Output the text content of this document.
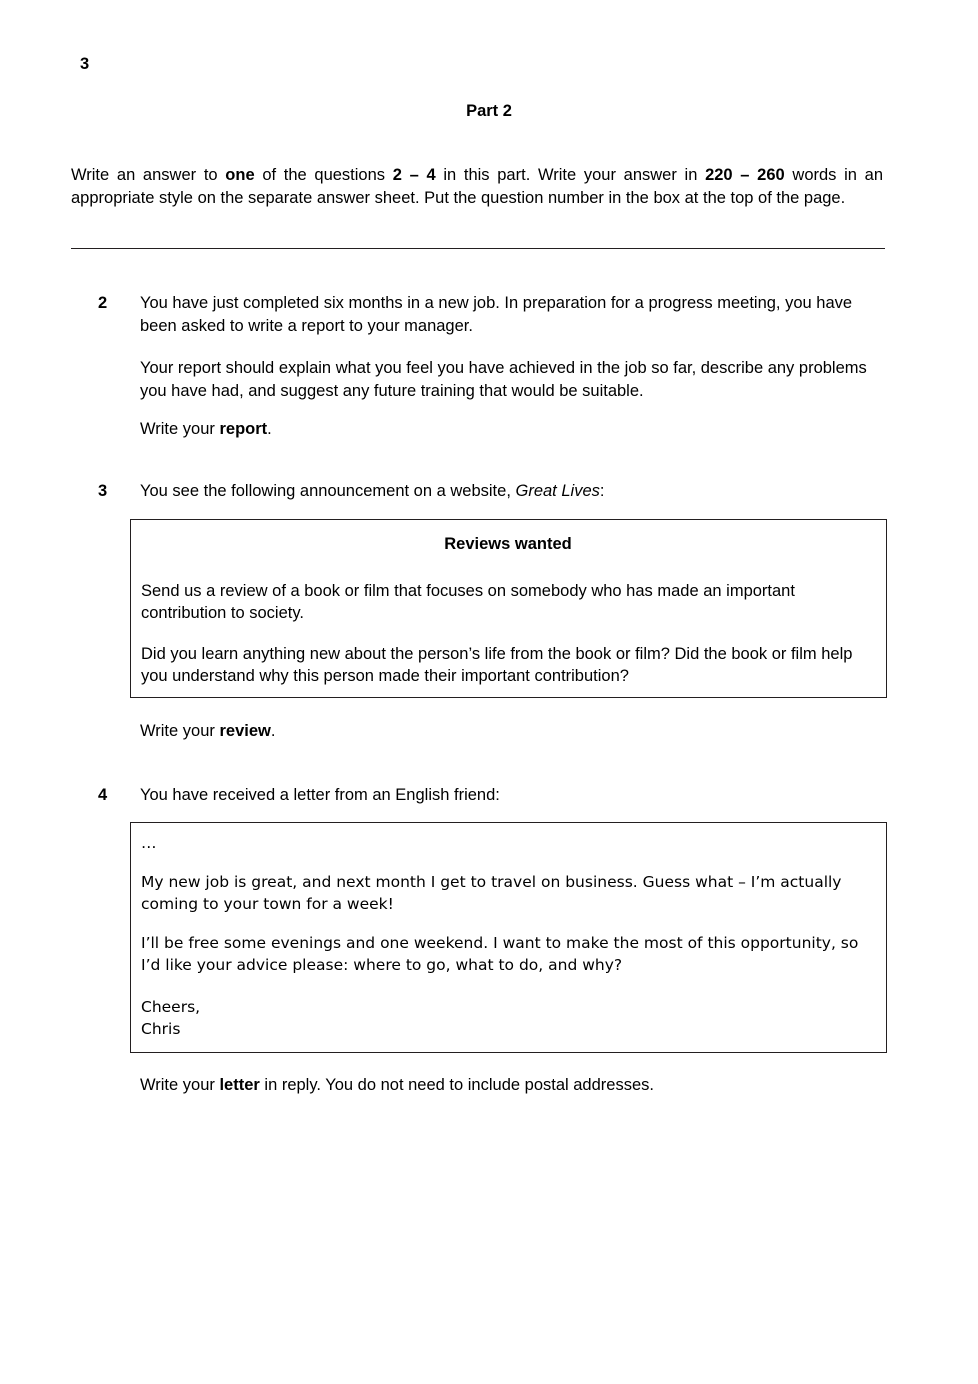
3
Part 2
Write an answer to one of the questions 2 – 4 in this part. Write your answer in 220 – 260 words in an appropriate style on the separate answer sheet. Put the question number in the box at the top of the page.
2	You have just completed six months in a new job. In preparation for a progress meeting, you have been asked to write a report to your manager.

Your report should explain what you feel you have achieved in the job so far, describe any problems you have had, and suggest any future training that would be suitable.

Write your report.
3	You see the following announcement on a website, Great Lives:

Reviews wanted

Send us a review of a book or film that focuses on somebody who has made an important contribution to society.

Did you learn anything new about the person’s life from the book or film? Did the book or film help you understand why this person made their important contribution?

Write your review.
4	You have received a letter from an English friend:

…

My new job is great, and next month I get to travel on business. Guess what – I’m actually coming to your town for a week!

I’ll be free some evenings and one weekend. I want to make the most of this opportunity, so I’d like your advice please: where to go, what to do, and why?

Cheers,

Chris

Write your letter in reply. You do not need to include postal addresses.
